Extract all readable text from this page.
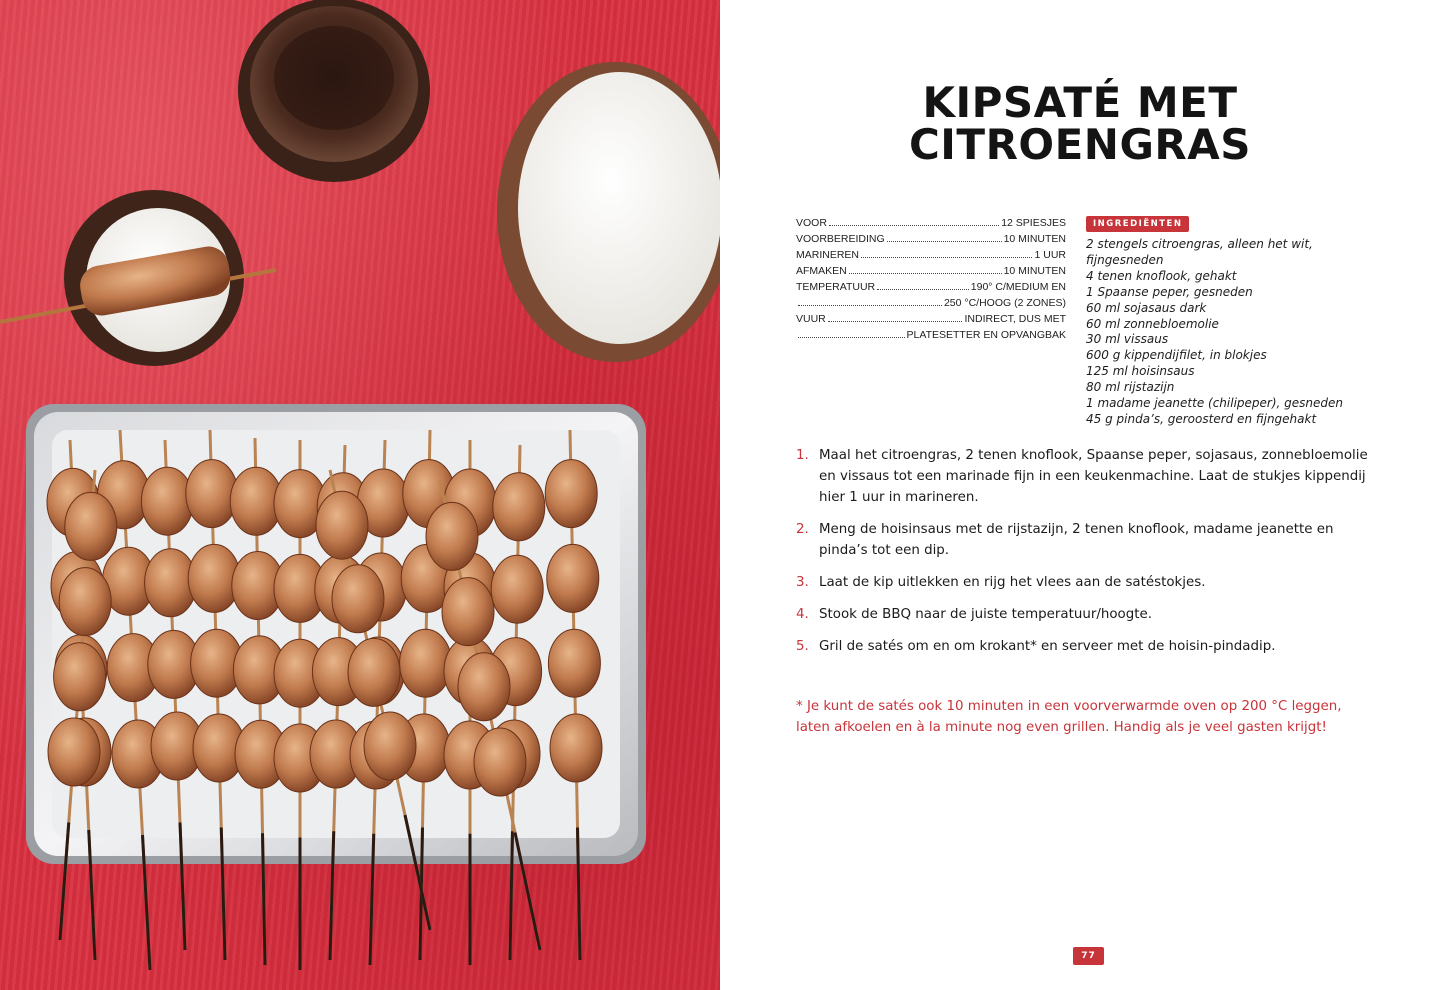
KIPSATÉ MET
CITROENGRAS
VOOR	12 SPIESJES
VOORBEREIDING	10 MINUTEN
MARINEREN	1 UUR
AFMAKEN	10 MINUTEN
TEMPERATUUR	190° C/MEDIUM EN
250 °C/HOOG (2 ZONES)
VUUR	INDIRECT, DUS MET
PLATESETTER EN OPVANGBAK
INGREDIËNTEN
2 stengels citroengras, alleen het wit,
fijngesneden
4 tenen knoflook, gehakt
1 Spaanse peper, gesneden
60 ml sojasaus dark
60 ml zonnebloemolie
30 ml vissaus
600 g kippendijfilet, in blokjes
125 ml hoisinsaus
80 ml rijstazijn
1 madame jeanette (chilipeper), gesneden
45 g pinda’s, geroosterd en fijngehakt
1. Maal het citroengras, 2 tenen knoflook, Spaanse peper, sojasaus, zonnebloemolie en vissaus tot een marinade fijn in een keukenmachine. Laat de stukjes kippendij hier 1 uur in marineren.
2. Meng de hoisinsaus met de rijstazijn, 2 tenen knoflook, madame jeanette en pinda’s tot een dip.
3. Laat de kip uitlekken en rijg het vlees aan de satéstokjes.
4. Stook de BBQ naar de juiste temperatuur/hoogte.
5. Gril de satés om en om krokant* en serveer met de hoisin-pindadip.

* Je kunt de satés ook 10 minuten in een voorverwarmde oven op 200 °C leggen, laten afkoelen en à la minute nog even grillen. Handig als je veel gasten krijgt!

77
